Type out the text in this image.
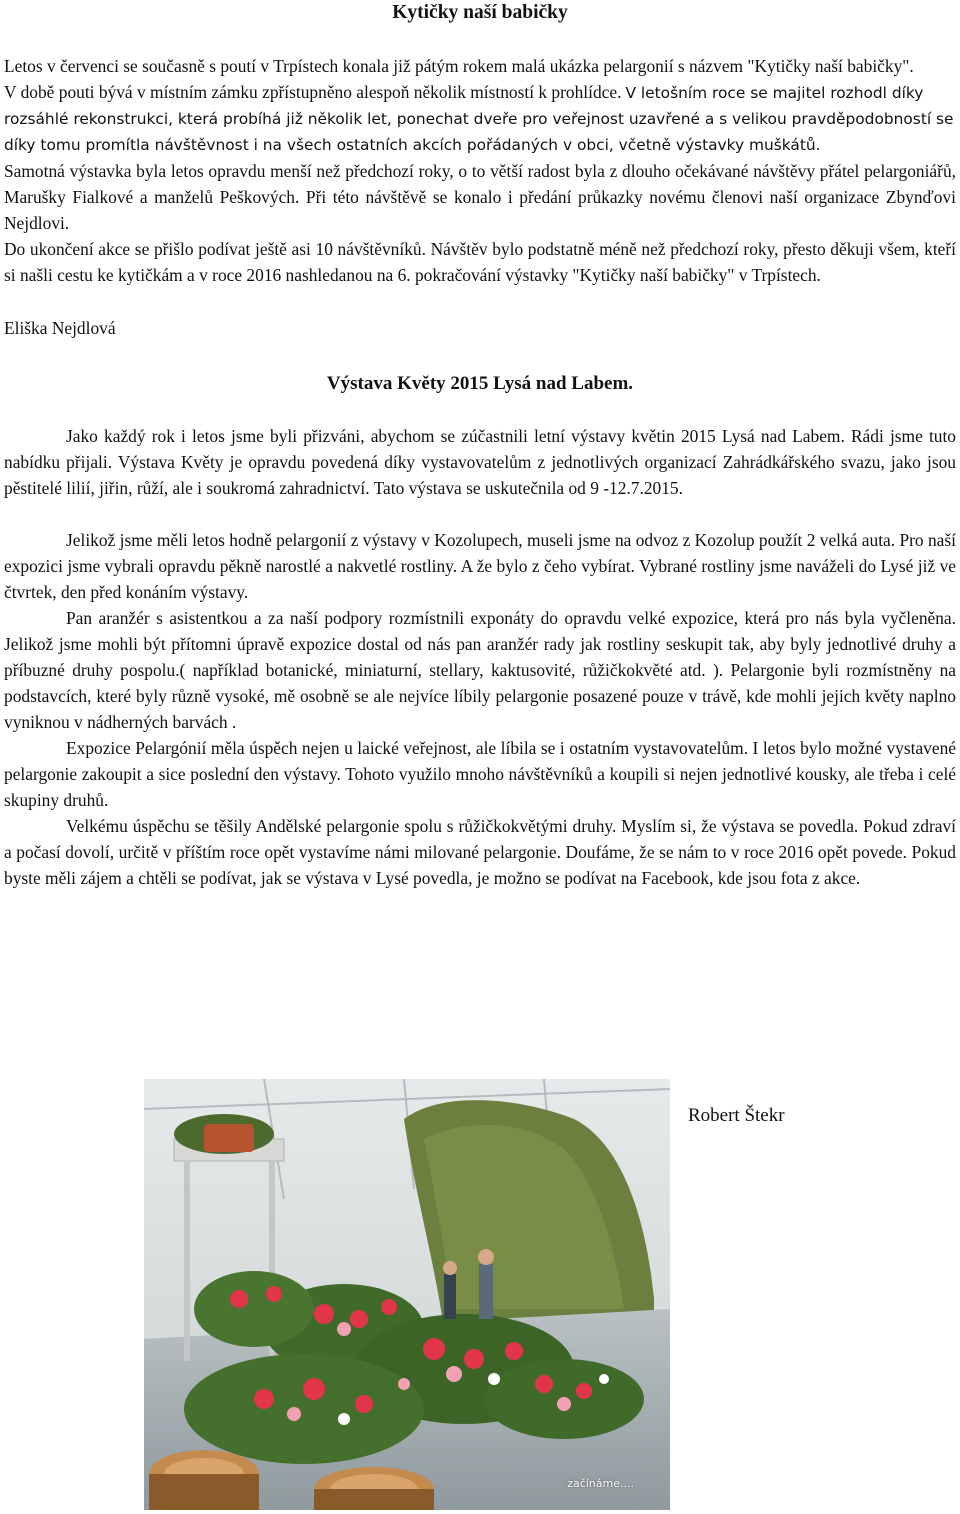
Kytičky naší babičky

Letos v červenci se současně s poutí v Trpístech konala již pátým rokem malá ukázka pelargonií s názvem "Kytičky naší babičky".

V době pouti bývá v místním zámku zpřístupněno alespoň několik místností k prohlídce.

V letošním roce se majitel rozhodl díky rozsáhlé rekonstrukci, která probíhá již několik let, ponechat dveře pro veřejnost uzavřené a s velikou pravděpodobností se díky tomu promítla návštěvnost i na všech ostatních akcích pořádaných v obci, včetně výstavky muškátů.

Samotná výstavka byla letos opravdu menší než předchozí roky, o to větší radost byla z dlouho očekávané návštěvy přátel pelargoniářů, Marušky Fialkové a manželů Peškových. Při této návštěvě se konalo i předání průkazky novému členovi naší organizace Zbynďovi Nejdlovi.

Do ukončení akce se přišlo podívat ještě asi 10 návštěvníků. Návštěv bylo podstatně méně než předchozí roky, přesto děkuji všem, kteří si našli cestu ke kytičkám a v roce 2016 nashledanou na 6. pokračování výstavky "Kytičky naší babičky" v Trpístech.

Eliška Nejdlová
Výstava Květy 2015 Lysá nad Labem.

Jako každý rok i letos jsme byli přizváni, abychom se zúčastnili letní výstavy květin 2015 Lysá nad Labem. Rádi jsme tuto nabídku přijali. Výstava Květy je opravdu povedená díky vystavovatelům z jednotlivých organizací Zahrádkářského svazu, jako jsou pěstitelé lilií, jiřin, růží, ale i soukromá zahradnictví. Tato výstava se uskutečnila od 9 -12.7.2015.

Jelikož jsme měli letos hodně pelargonií z výstavy v Kozolupech, museli jsme na odvoz z Kozolup použít 2 velká auta. Pro naší expozici jsme vybrali opravdu pěkně narostlé a nakvetlé rostliny. A že bylo z čeho vybírat. Vybrané rostliny jsme naváželi do Lysé již ve čtvrtek, den před konáním výstavy.

Pan aranžér s asistentkou a za naší podpory rozmístnili exponáty do opravdu velké expozice, která pro nás byla vyčleněna. Jelikož jsme mohli být přítomni úpravě expozice dostal od nás pan aranžér rady jak rostliny seskupit tak, aby byly jednotlivé druhy a příbuzné druhy pospolu.( například botanické, miniaturní, stellary, kaktusovité, růžičkokvěté atd. ). Pelargonie byli rozmístněny na podstavcích, které byly různě vysoké, mě osobně se ale nejvíce líbily pelargonie posazené pouze v trávě, kde mohli jejich květy naplno vyniknou v nádherných barvách .

Expozice Pelargónií měla úspěch nejen u laické veřejnost, ale líbila se i ostatním vystavovatelům. I letos bylo možné vystavené pelargonie zakoupit a sice poslední den výstavy. Tohoto využilo mnoho návštěvníků a koupili si nejen jednotlivé kousky, ale třeba i celé skupiny druhů.

Velkému úspěchu se těšily Andělské pelargonie spolu s růžičkokvětými druhy. Myslím si, že výstava se povedla. Pokud zdraví a počasí dovolí, určitě v příštím roce opět vystavíme námi milované pelargonie. Doufáme, že se nám to v roce 2016 opět povede. Pokud byste měli zájem a chtěli se podívat, jak se výstava v Lysé povedla, je možno se podívat na Facebook, kde jsou fota z akce.

začínáme....
Robert Štekr
